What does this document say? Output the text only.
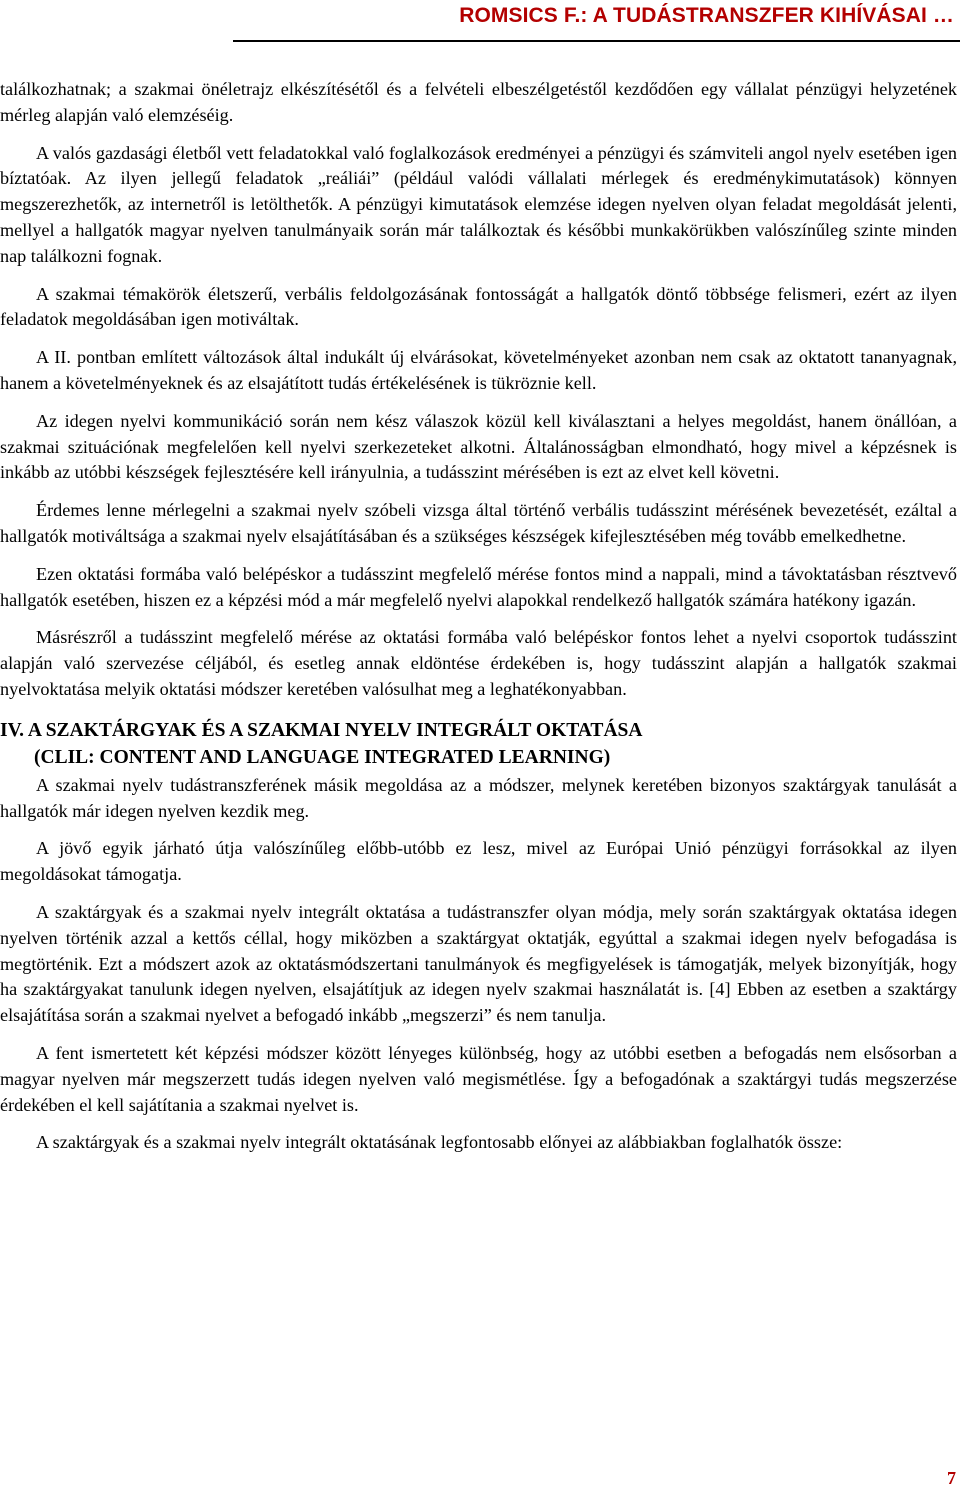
ROMSICS F.: A TUDÁSTRANSZFER KIHÍVÁSAI …

találkozhatnak; a szakmai önéletrajz elkészítésétől és a felvételi elbeszélgetéstől kezdődően egy vállalat pénzügyi helyzetének mérleg alapján való elemzéséig.

A valós gazdasági életből vett feladatokkal való foglalkozások eredményei a pénzügyi és számviteli angol nyelv esetében igen bíztatóak. Az ilyen jellegű feladatok „reáliái” (például valódi vállalati mérlegek és eredménykimutatások) könnyen megszerezhetők, az internetről is letölthetők. A pénzügyi kimutatások elemzése idegen nyelven olyan feladat megoldását jelenti, mellyel a hallgatók magyar nyelven tanulmányaik során már találkoztak és későbbi munkakörükben valószínűleg szinte minden nap találkozni fognak.

A szakmai témakörök életszerű, verbális feldolgozásának fontosságát a hallgatók döntő többsége felismeri, ezért az ilyen feladatok megoldásában igen motiváltak.

A II. pontban említett változások által indukált új elvárásokat, követelményeket azonban nem csak az oktatott tananyagnak, hanem a követelményeknek és az elsajátított tudás értékelésének is tükröznie kell.

Az idegen nyelvi kommunikáció során nem kész válaszok közül kell kiválasztani a helyes megoldást, hanem önállóan, a szakmai szituációnak megfelelően kell nyelvi szerkezeteket alkotni. Általánosságban elmondható, hogy mivel a képzésnek is inkább az utóbbi készségek fejlesztésére kell irányulnia, a tudásszint mérésében is ezt az elvet kell követni.

Érdemes lenne mérlegelni a szakmai nyelv szóbeli vizsga által történő verbális tudásszint mérésének bevezetését, ezáltal a hallgatók motiváltsága a szakmai nyelv elsajátításában és a szükséges készségek kifejlesztésében még tovább emelkedhetne.

Ezen oktatási formába való belépéskor a tudásszint megfelelő mérése fontos mind a nappali, mind a távoktatásban résztvevő hallgatók esetében, hiszen ez a képzési mód a már megfelelő nyelvi alapokkal rendelkező hallgatók számára hatékony igazán.

Másrészről a tudásszint megfelelő mérése az oktatási formába való belépéskor fontos lehet a nyelvi csoportok tudásszint alapján való szervezése céljából, és esetleg annak eldöntése érdekében is, hogy tudásszint alapján a hallgatók szakmai nyelvoktatása melyik oktatási módszer keretében valósulhat meg a leghatékonyabban.

IV. A SZAKTÁRGYAK ÉS A SZAKMAI NYELV INTEGRÁLT OKTATÁSA
(CLIL: CONTENT AND LANGUAGE INTEGRATED LEARNING)

A szakmai nyelv tudástranszferének másik megoldása az a módszer, melynek keretében bizonyos szaktárgyak tanulását a hallgatók már idegen nyelven kezdik meg.

A jövő egyik járható útja valószínűleg előbb-utóbb ez lesz, mivel az Európai Unió pénzügyi forrásokkal az ilyen megoldásokat támogatja.

A szaktárgyak és a szakmai nyelv integrált oktatása a tudástranszfer olyan módja, mely során szaktárgyak oktatása idegen nyelven történik azzal a kettős céllal, hogy miközben a szaktárgyat oktatják, egyúttal a szakmai idegen nyelv befogadása is megtörténik. Ezt a módszert azok az oktatásmódszertani tanulmányok és megfigyelések is támogatják, melyek bizonyítják, hogy ha szaktárgyakat tanulunk idegen nyelven, elsajátítjuk az idegen nyelv szakmai használatát is. [4] Ebben az esetben a szaktárgy elsajátítása során a szakmai nyelvet a befogadó inkább „megszerzi” és nem tanulja.

A fent ismertetett két képzési módszer között lényeges különbség, hogy az utóbbi esetben a befogadás nem elsősorban a magyar nyelven már megszerzett tudás idegen nyelven való megismétlése. Így a befogadónak a szaktárgyi tudás megszerzése érdekében el kell sajátítania a szakmai nyelvet is.

A szaktárgyak és a szakmai nyelv integrált oktatásának legfontosabb előnyei az alábbiakban foglalhatók össze:

7
